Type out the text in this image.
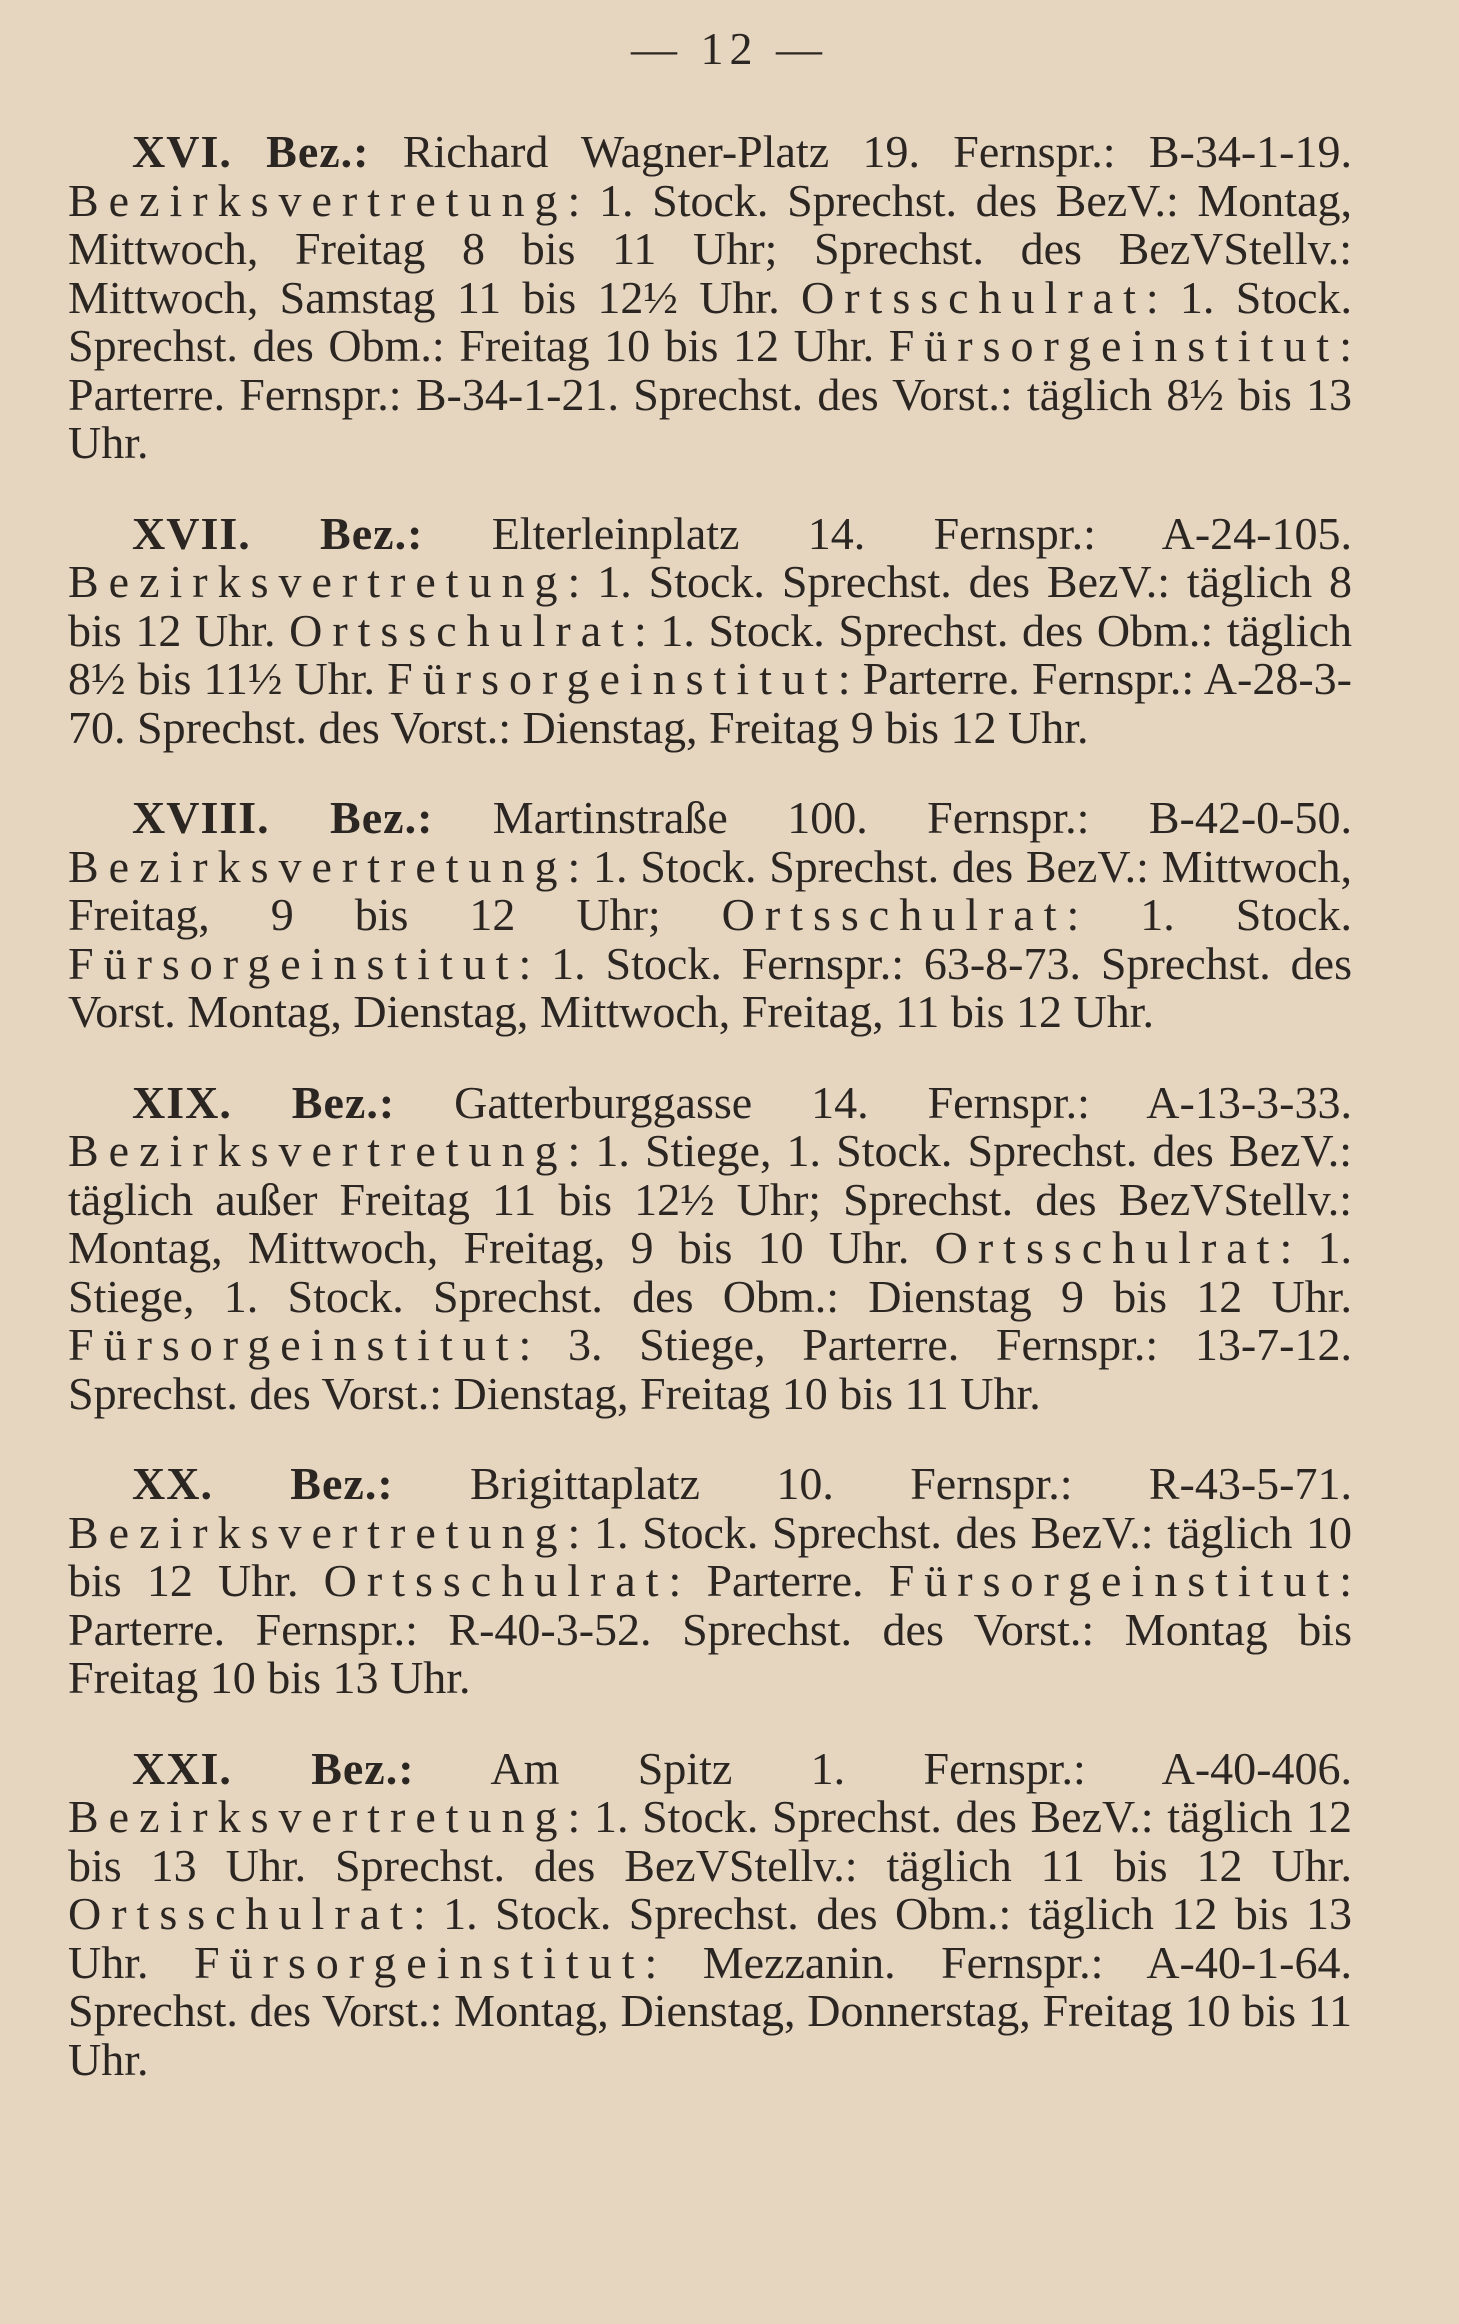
— 12 —

XVI. Bez.: Richard Wagner-Platz 19. Fernspr.: B-34-1-19. Bezirksvertretung: 1. Stock. Sprechst. des BezV.: Montag, Mittwoch, Freitag 8 bis 11 Uhr; Sprechst. des BezVStellv.: Mittwoch, Samstag 11 bis 12½ Uhr. Ortsschulrat: 1. Stock. Sprechst. des Obm.: Freitag 10 bis 12 Uhr. Fürsorgeinstitut: Parterre. Fernspr.: B-34-1-21. Sprechst. des Vorst.: täglich 8½ bis 13 Uhr.

XVII. Bez.: Elterleinplatz 14. Fernspr.: A-24-105. Bezirksvertretung: 1. Stock. Sprechst. des BezV.: täglich 8 bis 12 Uhr. Ortsschulrat: 1. Stock. Sprechst. des Obm.: täglich 8½ bis 11½ Uhr. Fürsorgeinstitut: Parterre. Fernspr.: A-28-3-70. Sprechst. des Vorst.: Dienstag, Freitag 9 bis 12 Uhr.

XVIII. Bez.: Martinstraße 100. Fernspr.: B-42-0-50. Bezirksvertretung: 1. Stock. Sprechst. des BezV.: Mittwoch, Freitag, 9 bis 12 Uhr; Ortsschulrat: 1. Stock. Fürsorgeinstitut: 1. Stock. Fernspr.: 63-8-73. Sprechst. des Vorst. Montag, Dienstag, Mittwoch, Freitag, 11 bis 12 Uhr.

XIX. Bez.: Gatterburggasse 14. Fernspr.: A-13-3-33. Bezirksvertretung: 1. Stiege, 1. Stock. Sprechst. des BezV.: täglich außer Freitag 11 bis 12½ Uhr; Sprechst. des BezVStellv.: Montag, Mittwoch, Freitag, 9 bis 10 Uhr. Ortsschulrat: 1. Stiege, 1. Stock. Sprechst. des Obm.: Dienstag 9 bis 12 Uhr. Fürsorgeinstitut: 3. Stiege, Parterre. Fernspr.: 13-7-12. Sprechst. des Vorst.: Dienstag, Freitag 10 bis 11 Uhr.

XX. Bez.: Brigittaplatz 10. Fernspr.: R-43-5-71. Bezirksvertretung: 1. Stock. Sprechst. des BezV.: täglich 10 bis 12 Uhr. Ortsschulrat: Parterre. Fürsorgeinstitut: Parterre. Fernspr.: R-40-3-52. Sprechst. des Vorst.: Montag bis Freitag 10 bis 13 Uhr.

XXI. Bez.: Am Spitz 1. Fernspr.: A-40-406. Bezirksvertretung: 1. Stock. Sprechst. des BezV.: täglich 12 bis 13 Uhr. Sprechst. des BezVStellv.: täglich 11 bis 12 Uhr. Ortsschulrat: 1. Stock. Sprechst. des Obm.: täglich 12 bis 13 Uhr. Fürsorgeinstitut: Mezzanin. Fernspr.: A-40-1-64. Sprechst. des Vorst.: Montag, Dienstag, Donnerstag, Freitag 10 bis 11 Uhr.
